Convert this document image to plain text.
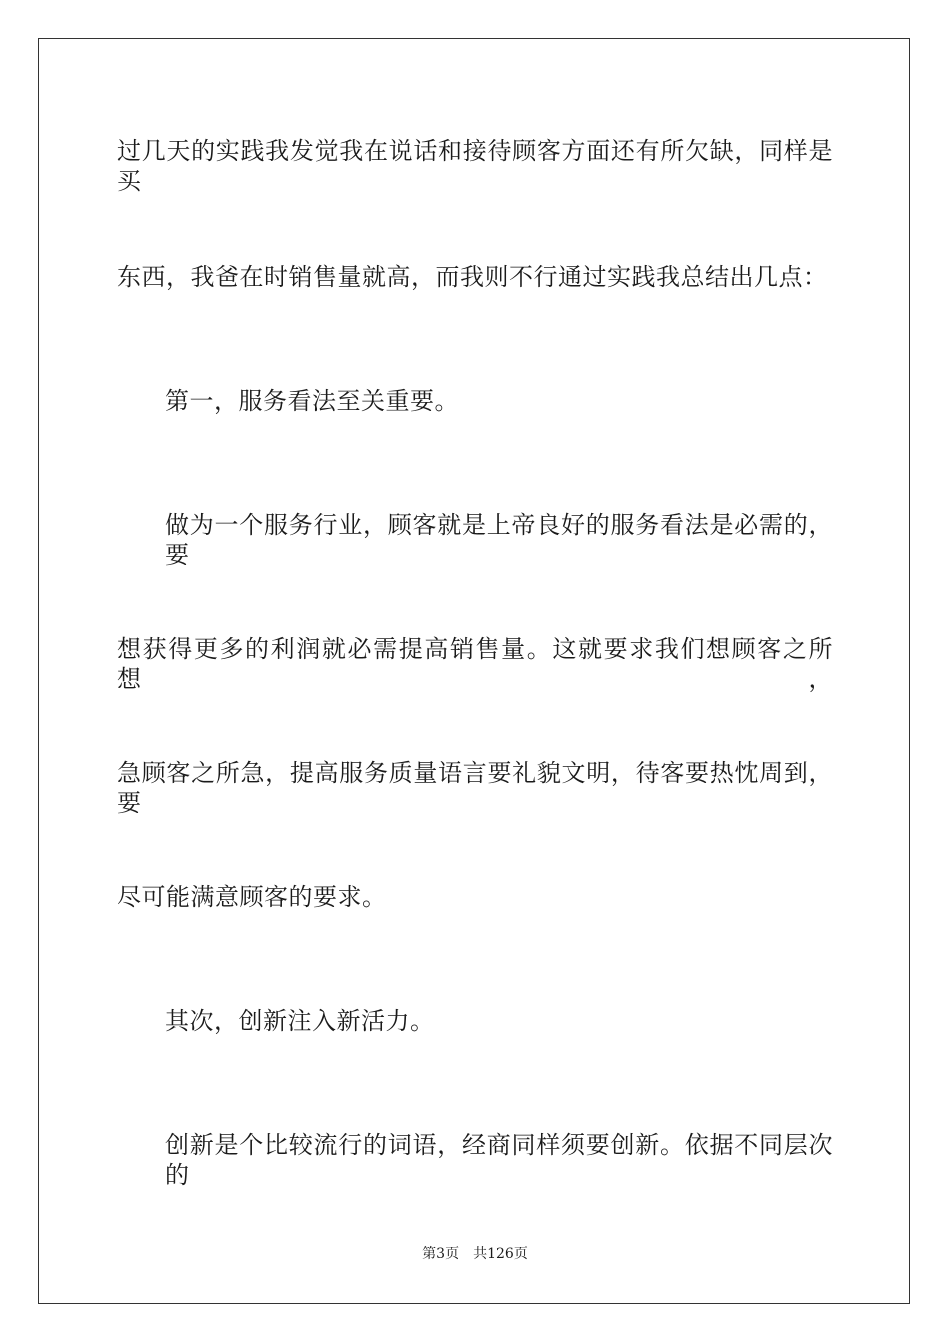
过几天的实践我发觉我在说话和接待顾客方面还有所欠缺，同样是买
东西，我爸在时销售量就高，而我则不行通过实践我总结出几点：
第一，服务看法至关重要。
做为一个服务行业，顾客就是上帝良好的服务看法是必需的，要
想获得更多的利润就必需提高销售量。这就要求我们想顾客之所想，
急顾客之所急，提高服务质量语言要礼貌文明，待客要热忱周到，要
尽可能满意顾客的要求。
其次，创新注入新活力。
创新是个比较流行的词语，经商同样须要创新。依据不同层次的
第3页 共126页
